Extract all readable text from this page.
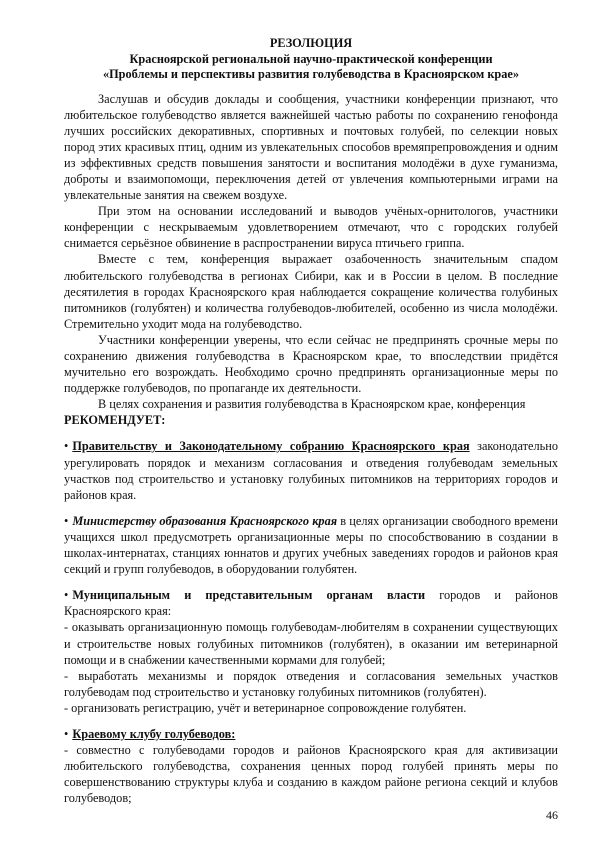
РЕЗОЛЮЦИЯ
Красноярской региональной научно-практической конференции
«Проблемы и перспективы развития голубеводства в Красноярском крае»

Заслушав и обсудив доклады и сообщения, участники конференции признают, что любительское голубеводство является важнейшей частью работы по сохранению генофонда лучших российских декоративных, спортивных и почтовых голубей, по селекции новых пород этих красивых птиц, одним из увлекательных способов времяпрепровождения и одним из эффективных средств повышения занятости и воспитания молодёжи в духе гуманизма, доброты и взаимопомощи, переключения детей от увлечения компьютерными играми на увлекательные занятия на свежем воздухе.

При этом на основании исследований и выводов учёных-орнитологов, участники конференции с нескрываемым удовлетворением отмечают, что с городских голубей снимается серьёзное обвинение в распространении вируса птичьего гриппа.

Вместе с тем, конференция выражает озабоченность значительным спадом любительского голубеводства в регионах Сибири, как и в России в целом. В последние десятилетия в городах Красноярского края наблюдается сокращение количества голубиных питомников (голубятен) и количества голубеводов-любителей, особенно из числа молодёжи. Стремительно уходит мода на голубеводство.

Участники конференции уверены, что если сейчас не предпринять срочные меры по сохранению движения голубеводства в Красноярском крае, то впоследствии придётся мучительно его возрождать. Необходимо срочно предпринять организационные меры по поддержке голубеводов, по пропаганде их деятельности.

В целях сохранения и развития голубеводства в Красноярском крае, конференция

РЕКОМЕНДУЕТ:

• Правительству и Законодательному собранию Красноярского края законодательно урегулировать порядок и механизм согласования и отведения голубеводам земельных участков под строительство и установку голубиных питомников на территориях городов и районов края.

• Министерству образования Красноярского края в целях организации свободного времени учащихся школ предусмотреть организационные меры по способствованию в создании в школах-интернатах, станциях юннатов и других учебных заведениях городов и районов края секций и групп голубеводов, в оборудовании голубятен.

• Муниципальным и представительным органам власти городов и районов Красноярского края:

- оказывать организационную помощь голубеводам-любителям в сохранении существующих и строительстве новых голубиных питомников (голубятен), в оказании им ветеринарной помощи и в снабжении качественными кормами для голубей;

- выработать механизмы и порядок отведения и согласования земельных участков голубеводам под строительство и установку голубиных питомников (голубятен).

- организовать регистрацию, учёт и ветеринарное сопровождение голубятен.

• Краевому клубу голубеводов:

- совместно с голубеводами городов и районов Красноярского края для активизации любительского голубеводства, сохранения ценных пород голубей принять меры по совершенствованию структуры клуба и созданию в каждом районе региона секций и клубов голубеводов;

46
